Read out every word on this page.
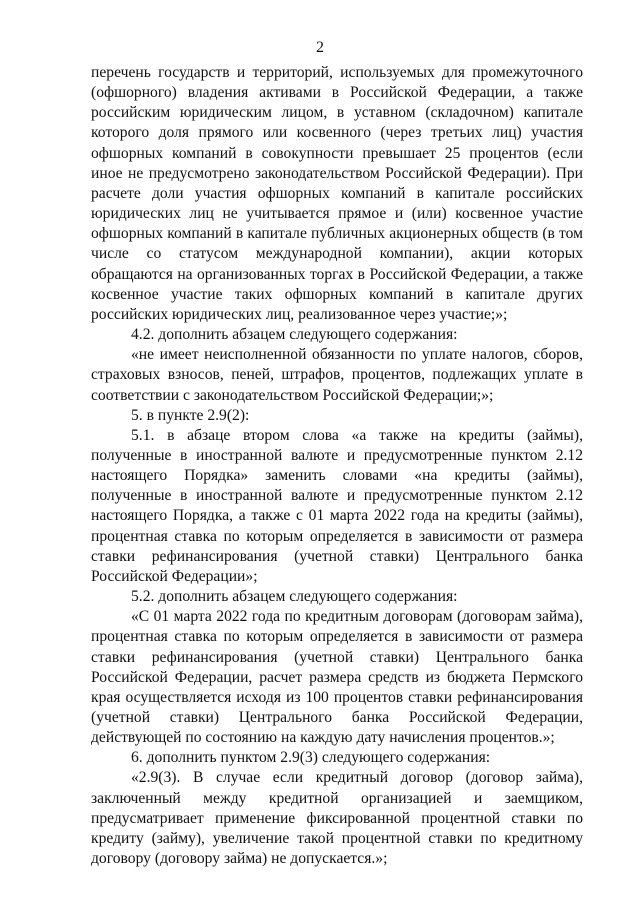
2

перечень государств и территорий, используемых для промежуточного (офшорного) владения активами в Российской Федерации, а также российским юридическим лицом, в уставном (складочном) капитале которого доля прямого или косвенного (через третьих лиц) участия офшорных компаний в совокупности превышает 25 процентов (если иное не предусмотрено законодательством Российской Федерации). При расчете доли участия офшорных компаний в капитале российских юридических лиц не учитывается прямое и (или) косвенное участие офшорных компаний в капитале публичных акционерных обществ (в том числе со статусом международной компании), акции которых обращаются на организованных торгах в Российской Федерации, а также косвенное участие таких офшорных компаний в капитале других российских юридических лиц, реализованное через участие;»;

4.2. дополнить абзацем следующего содержания:

«не имеет неисполненной обязанности по уплате налогов, сборов, страховых взносов, пеней, штрафов, процентов, подлежащих уплате в соответствии с законодательством Российской Федерации;»;

5. в пункте 2.9(2):

5.1. в абзаце втором слова «а также на кредиты (займы), полученные в иностранной валюте и предусмотренные пунктом 2.12 настоящего Порядка» заменить словами «на кредиты (займы), полученные в иностранной валюте и предусмотренные пунктом 2.12 настоящего Порядка, а также с 01 марта 2022 года на кредиты (займы), процентная ставка по которым определяется в зависимости от размера ставки рефинансирования (учетной ставки) Центрального банка Российской Федерации»;

5.2. дополнить абзацем следующего содержания:

«С 01 марта 2022 года по кредитным договорам (договорам займа), процентная ставка по которым определяется в зависимости от размера ставки рефинансирования (учетной ставки) Центрального банка Российской Федерации, расчет размера средств из бюджета Пермского края осуществляется исходя из 100 процентов ставки рефинансирования (учетной ставки) Центрального банка Российской Федерации, действующей по состоянию на каждую дату начисления процентов.»;

6. дополнить пунктом 2.9(3) следующего содержания:

«2.9(3). В случае если кредитный договор (договор займа), заключенный между кредитной организацией и заемщиком, предусматривает применение фиксированной процентной ставки по кредиту (займу), увеличение такой процентной ставки по кредитному договору (договору займа) не допускается.»;
